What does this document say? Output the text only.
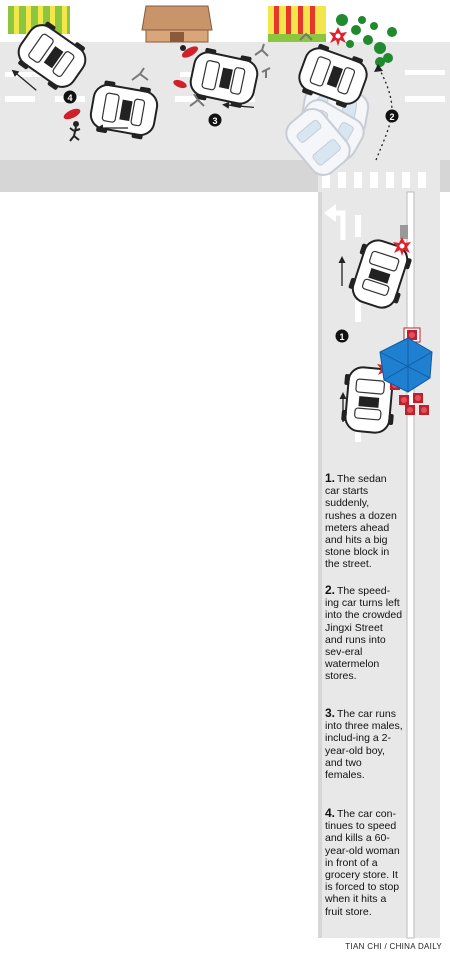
1
2
3
4
1. The sedan car starts suddenly, rushes a dozen meters ahead and hits a big stone block in the street.
2. The speed-ing car turns left into the crowded Jingxi Street and runs into sev-eral watermelon stores.
3. The car runs into three males, includ-ing a 2-year-old boy, and two females.
4. The car con-tinues to speed and kills a 60-year-old woman in front of a grocery store. It is forced to stop when it hits a fruit store.
TIAN CHI / CHINA DAILY
